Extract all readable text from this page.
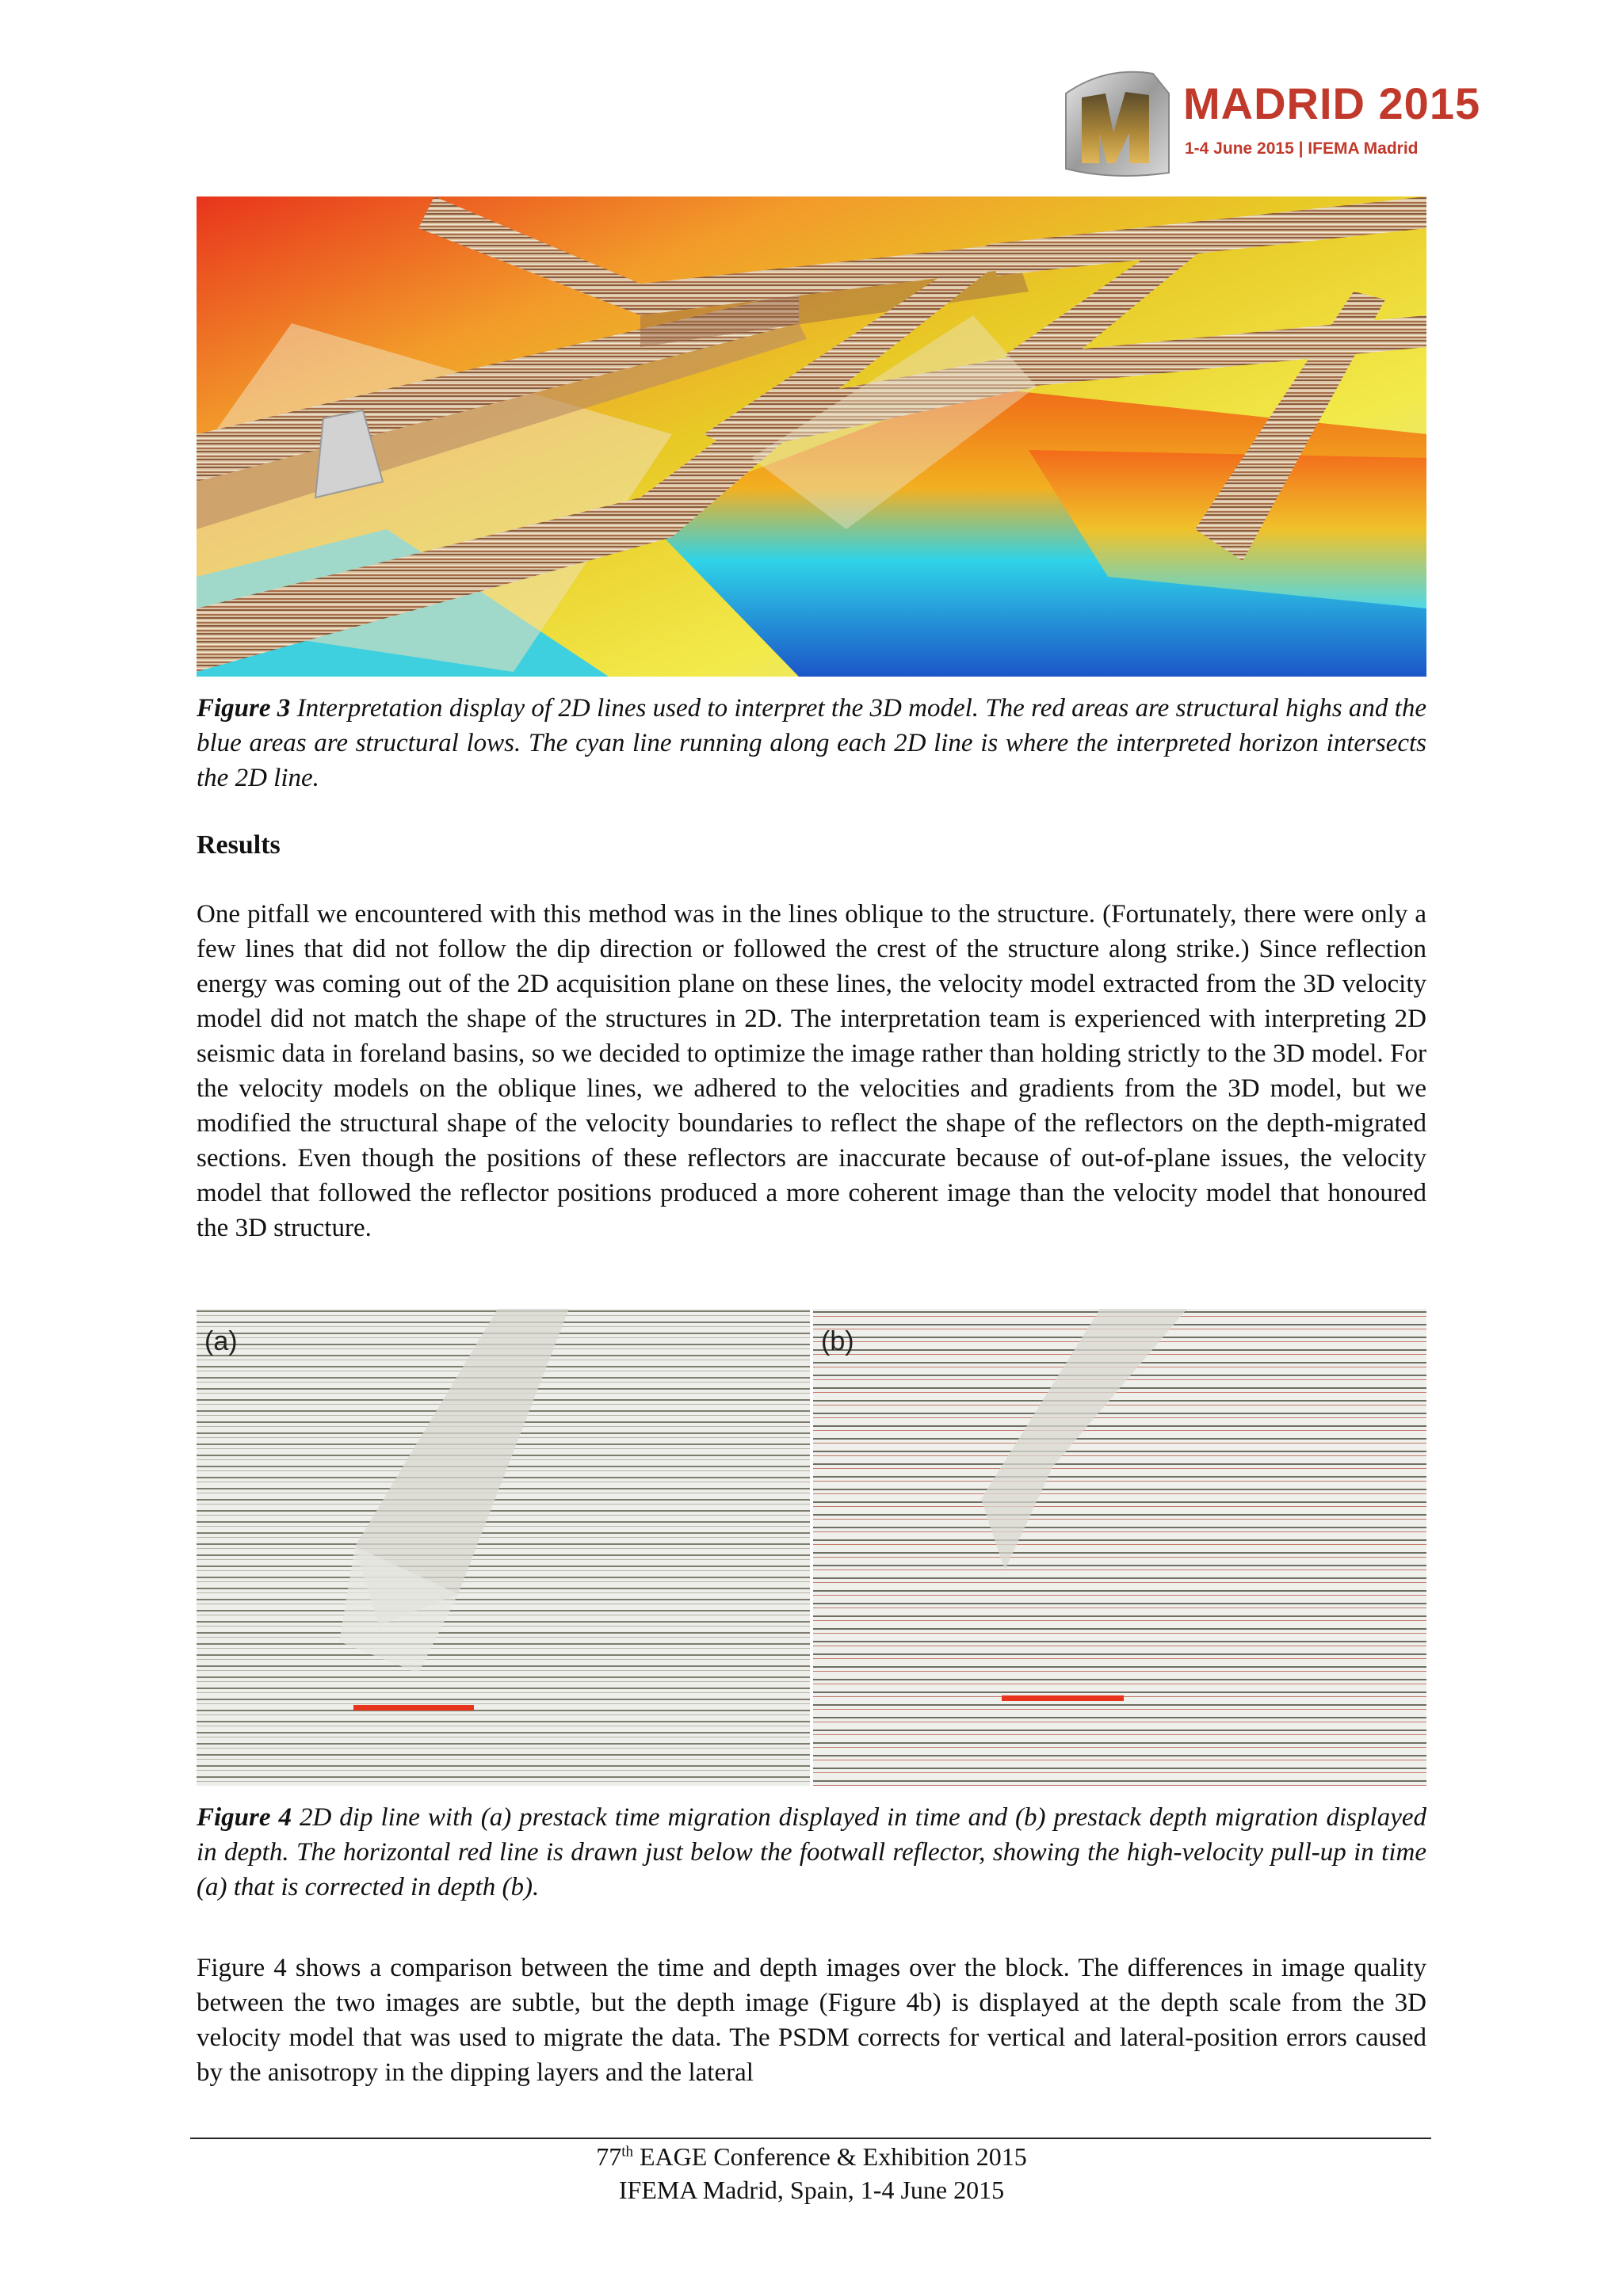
MADRID 2015
1-4 June 2015 | IFEMA Madrid
Figure 3 Interpretation display of 2D lines used to interpret the 3D model. The red areas are structural highs and the blue areas are structural lows. The cyan line running along each 2D line is where the interpreted horizon intersects the 2D line.
Results

One pitfall we encountered with this method was in the lines oblique to the structure. (Fortunately, there were only a few lines that did not follow the dip direction or followed the crest of the structure along strike.) Since reflection energy was coming out of the 2D acquisition plane on these lines, the velocity model extracted from the 3D velocity model did not match the shape of the structures in 2D. The interpretation team is experienced with interpreting 2D seismic data in foreland basins, so we decided to optimize the image rather than holding strictly to the 3D model. For the velocity models on the oblique lines, we adhered to the velocities and gradients from the 3D model, but we modified the structural shape of the velocity boundaries to reflect the shape of the reflectors on the depth-migrated sections. Even though the positions of these reflectors are inaccurate because of out-of-plane issues, the velocity model that followed the reflector positions produced a more coherent image than the velocity model that honoured the 3D structure.

(a)	(b)
Figure 4 2D dip line with (a) prestack time migration displayed in time and (b) prestack depth migration displayed in depth. The horizontal red line is drawn just below the footwall reflector, showing the high-velocity pull-up in time (a) that is corrected in depth (b).

Figure 4 shows a comparison between the time and depth images over the block. The differences in image quality between the two images are subtle, but the depth image (Figure 4b) is displayed at the depth scale from the 3D velocity model that was used to migrate the data. The PSDM corrects for vertical and lateral-position errors caused by the anisotropy in the dipping layers and the lateral

77th EAGE Conference & Exhibition 2015
IFEMA Madrid, Spain, 1-4 June 2015
